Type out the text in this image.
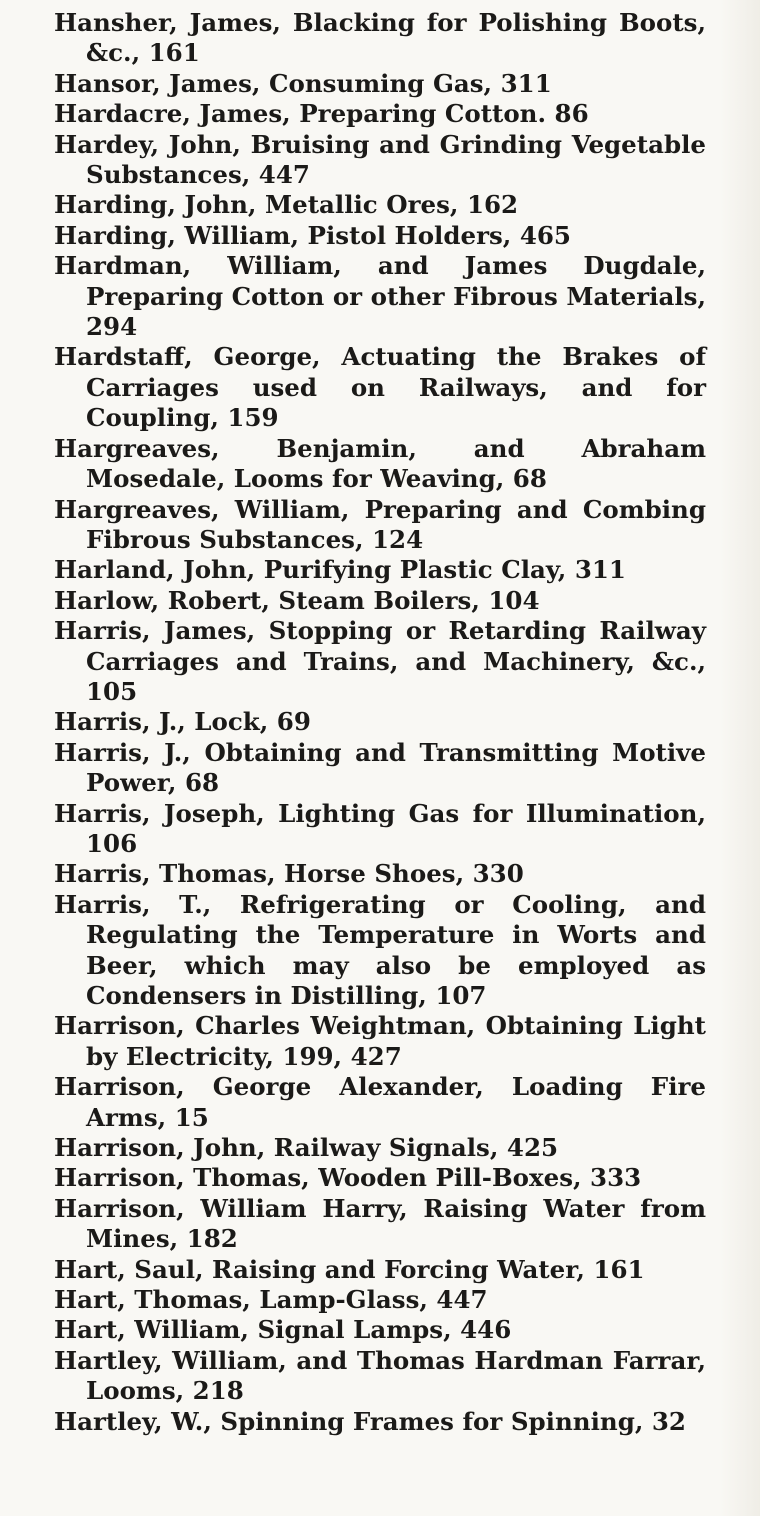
Hansher, James, Blacking for Polishing Boots, &c., 161
Hansor, James, Consuming Gas, 311
Hardacre, James, Preparing Cotton. 86
Hardey, John, Bruising and Grinding Vegetable Substances, 447
Harding, John, Metallic Ores, 162
Harding, William, Pistol Holders, 465
Hardman, William, and James Dugdale, Preparing Cotton or other Fibrous Materials, 294
Hardstaff, George, Actuating the Brakes of Carriages used on Railways, and for Coupling, 159
Hargreaves, Benjamin, and Abraham Mosedale, Looms for Weaving, 68
Hargreaves, William, Preparing and Combing Fibrous Substances, 124
Harland, John, Purifying Plastic Clay, 311
Harlow, Robert, Steam Boilers, 104
Harris, James, Stopping or Retarding Railway Carriages and Trains, and Machinery, &c., 105
Harris, J., Lock, 69
Harris, J., Obtaining and Transmitting Motive Power, 68
Harris, Joseph, Lighting Gas for Illumination, 106
Harris, Thomas, Horse Shoes, 330
Harris, T., Refrigerating or Cooling, and Regulating the Temperature in Worts and Beer, which may also be employed as Condensers in Distilling, 107
Harrison, Charles Weightman, Obtaining Light by Electricity, 199, 427
Harrison, George Alexander, Loading Fire Arms, 15
Harrison, John, Railway Signals, 425
Harrison, Thomas, Wooden Pill-Boxes, 333
Harrison, William Harry, Raising Water from Mines, 182
Hart, Saul, Raising and Forcing Water, 161
Hart, Thomas, Lamp-Glass, 447
Hart, William, Signal Lamps, 446
Hartley, William, and Thomas Hardman Farrar, Looms, 218
Hartley, W., Spinning Frames for Spinning, 32
